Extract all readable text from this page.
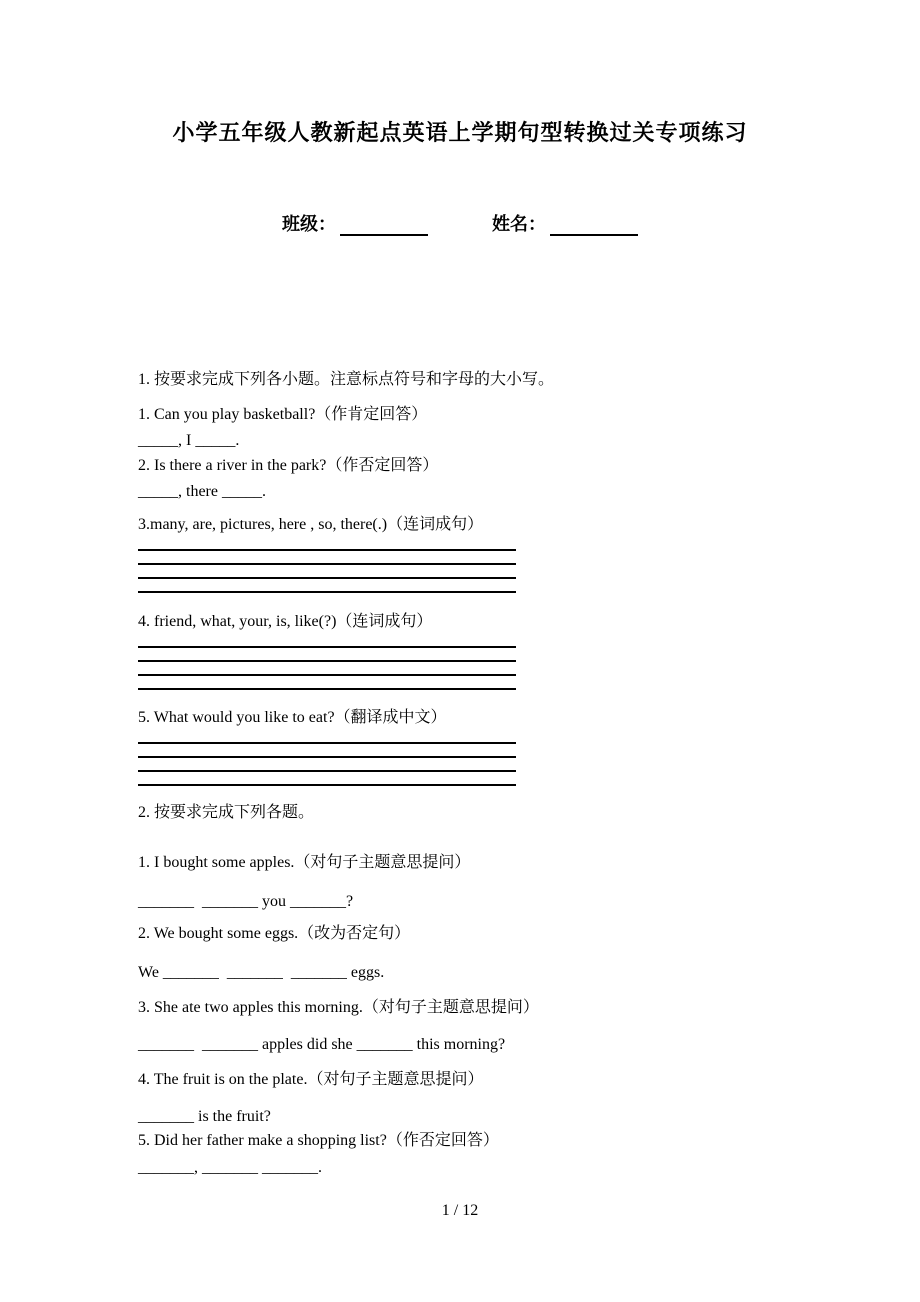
小学五年级人教新起点英语上学期句型转换过关专项练习
班级：	姓名：

1. 按要求完成下列各小题。注意标点符号和字母的大小写。

1. Can you play basketball?（作肯定回答）

_____, I _____.

2. Is there a river in the park?（作否定回答）

_____, there _____.

3.many, are, pictures, here , so, there(.)（连词成句）

4. friend, what, your, is, like(?)（连词成句）

5. What would you like to eat?（翻译成中文）

2. 按要求完成下列各题。

1. I bought some apples.（对句子主题意思提问）

_______  _______ you _______?

2. We bought some eggs.（改为否定句）

We _______  _______  _______ eggs.

3. She ate two apples this morning.（对句子主题意思提问）

_______  _______ apples did she _______ this morning?

4. The fruit is on the plate.（对句子主题意思提问）

_______ is the fruit?

5. Did her father make a shopping list?（作否定回答）

_______, _______ _______.

1 / 12
